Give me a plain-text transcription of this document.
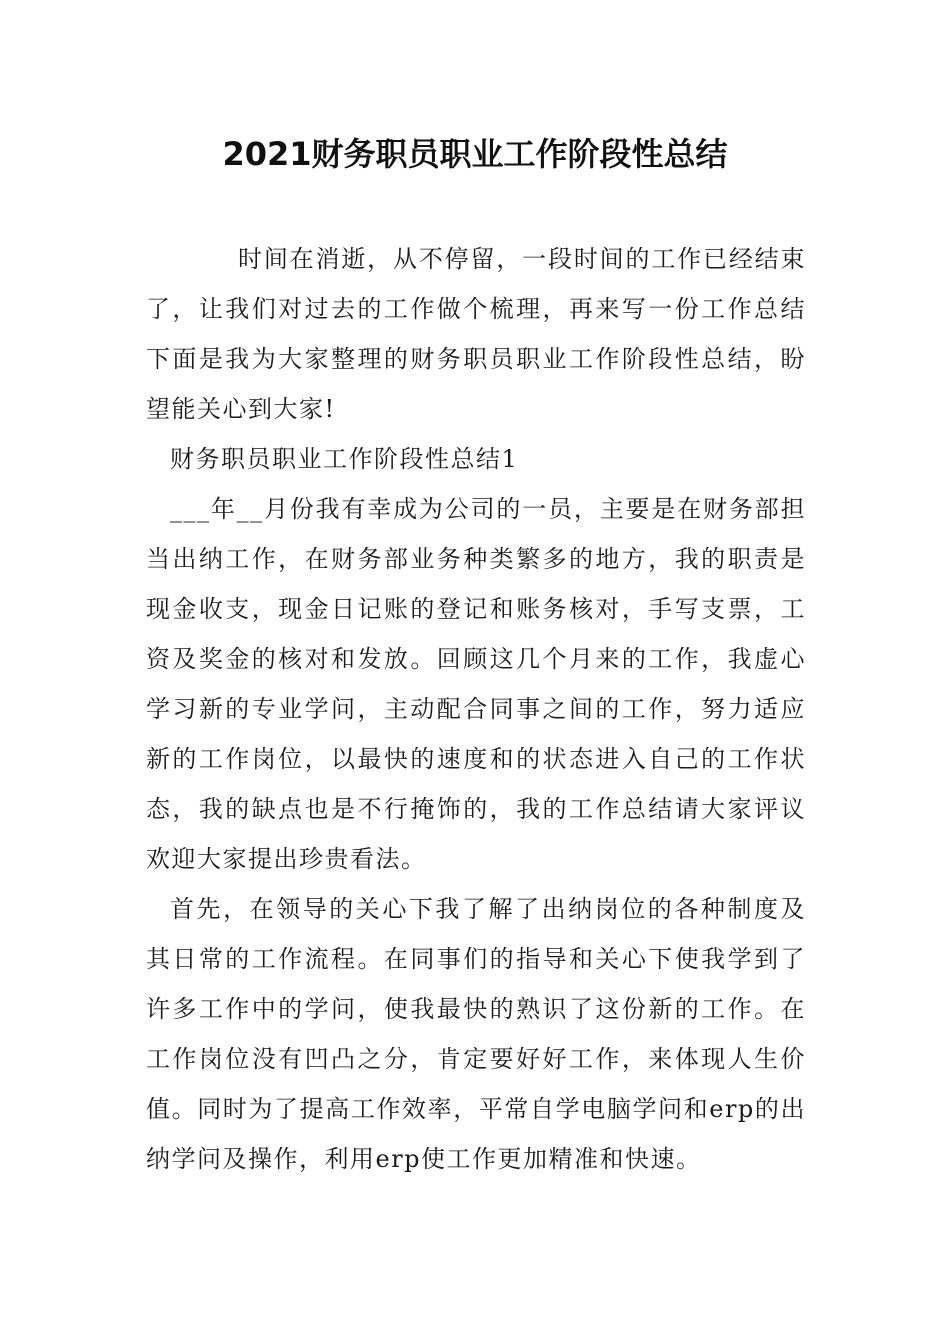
2021财务职员职业工作阶段性总结

时间在消逝，从不停留，一段时间的工作已经结束了，让我们对过去的工作做个梳理，再来写一份工作总结下面是我为大家整理的财务职员职业工作阶段性总结，盼望能关心到大家!

财务职员职业工作阶段性总结1

___年__月份我有幸成为公司的一员，主要是在财务部担当出纳工作，在财务部业务种类繁多的地方，我的职责是现金收支，现金日记账的登记和账务核对，手写支票，工资及奖金的核对和发放。回顾这几个月来的工作，我虚心学习新的专业学问，主动配合同事之间的工作，努力适应新的工作岗位，以最快的速度和的状态进入自己的工作状态，我的缺点也是不行掩饰的，我的工作总结请大家评议欢迎大家提出珍贵看法。

首先，在领导的关心下我了解了出纳岗位的各种制度及其日常的工作流程。在同事们的指导和关心下使我学到了许多工作中的学问，使我最快的熟识了这份新的工作。在工作岗位没有凹凸之分，肯定要好好工作，来体现人生价值。同时为了提高工作效率，平常自学电脑学问和erp的出纳学问及操作，利用erp使工作更加精准和快速。
